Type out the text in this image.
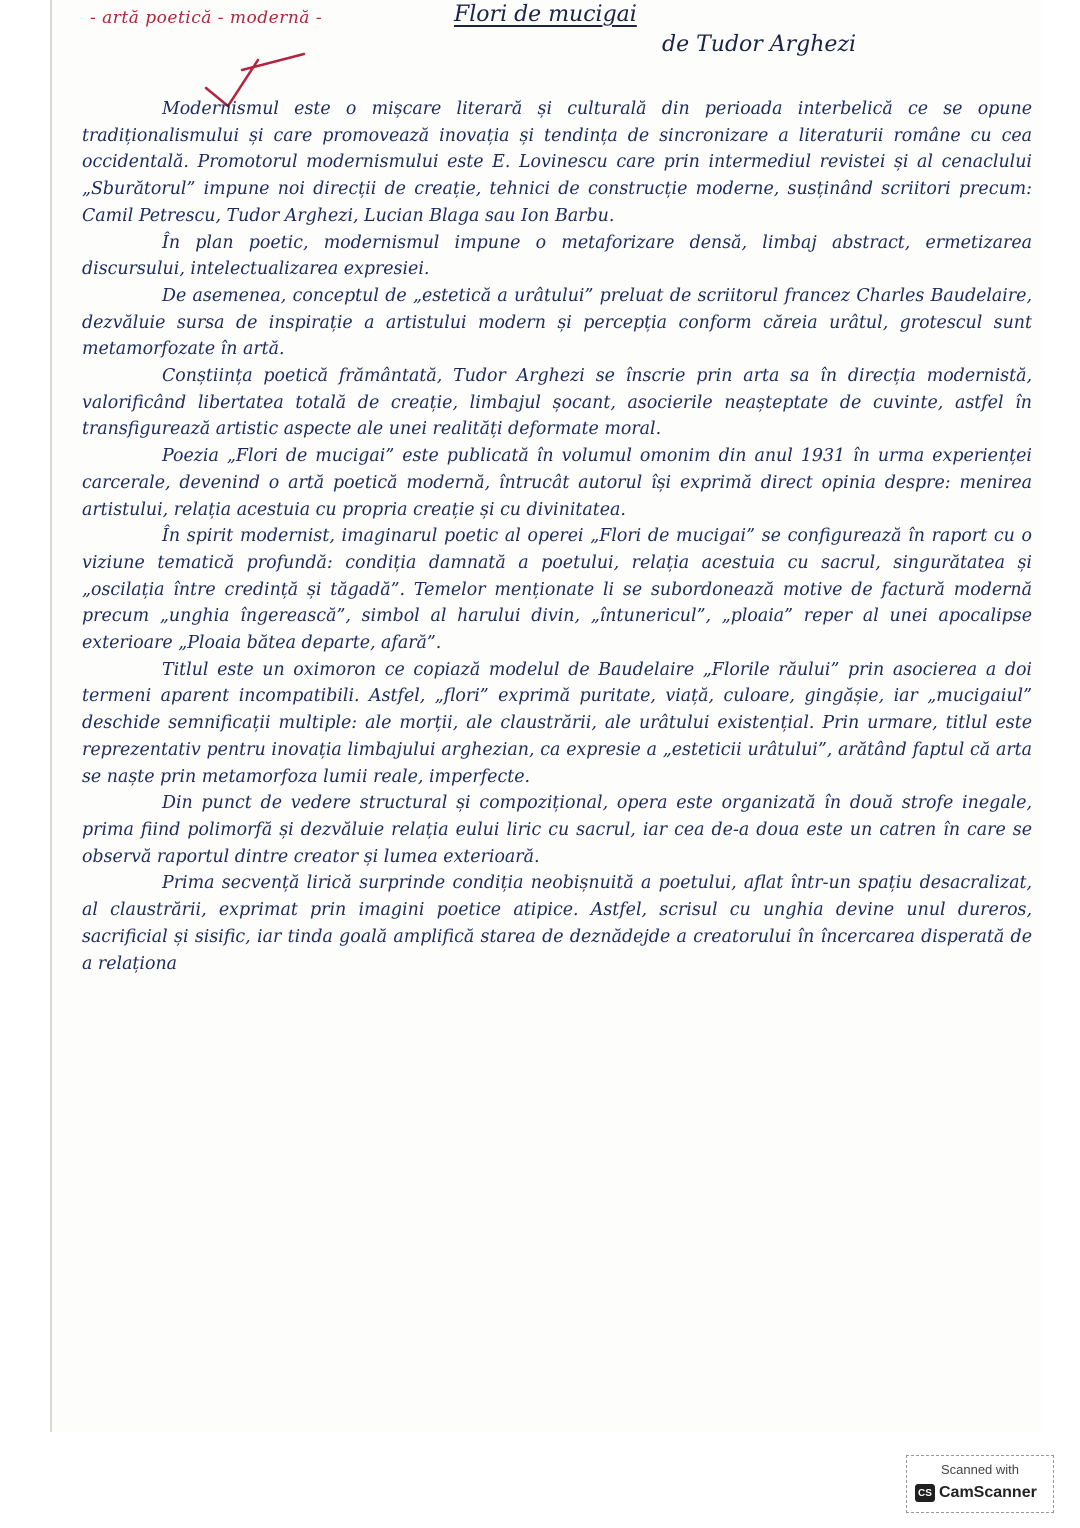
- artă poetică - modernă -	Flori de mucigai
de Tudor Arghezi

Modernismul este o mișcare literară și culturală din perioada interbelică ce se opune tradiționalismului și care promovează inovația și tendința de sincronizare a literaturii române cu cea occidentală. Promotorul modernismului este E. Lovinescu care prin intermediul revistei și al cenaclului „Sburătorul” impune noi direcții de creație, tehnici de construcție moderne, susținând scriitori precum: Camil Petrescu, Tudor Arghezi, Lucian Blaga sau Ion Barbu.

În plan poetic, modernismul impune o metaforizare densă, limbaj abstract, ermetizarea discursului, intelectualizarea expresiei.

De asemenea, conceptul de „estetică a urâtului” preluat de scriitorul francez Charles Baudelaire, dezvăluie sursa de inspirație a artistului modern și percepția conform căreia urâtul, grotescul sunt metamorfozate în artă.

Conștiința poetică frământată, Tudor Arghezi se înscrie prin arta sa în direcția modernistă, valorificând libertatea totală de creație, limbajul șocant, asocierile neașteptate de cuvinte, astfel în transfigurează artistic aspecte ale unei realități deformate moral.

Poezia „Flori de mucigai” este publicată în volumul omonim din anul 1931 în urma experienței carcerale, devenind o artă poetică modernă, întrucât autorul își exprimă direct opinia despre: menirea artistului, relația acestuia cu propria creație și cu divinitatea.

În spirit modernist, imaginarul poetic al operei „Flori de mucigai” se configurează în raport cu o viziune tematică profundă: condiția damnată a poetului, relația acestuia cu sacrul, singurătatea și „oscilația între credință și tăgadă”. Temelor menționate li se subordonează motive de factură modernă precum „unghia îngerească”, simbol al harului divin, „întunericul”, „ploaia” reper al unei apocalipse exterioare „Ploaia bătea departe, afară”.

Titlul este un oximoron ce copiază modelul de Baudelaire „Florile răului” prin asocierea a doi termeni aparent incompatibili. Astfel, „flori” exprimă puritate, viață, culoare, gingășie, iar „mucigaiul” deschide semnificații multiple: ale morții, ale claustrării, ale urâtului existențial. Prin urmare, titlul este reprezentativ pentru inovația limbajului arghezian, ca expresie a „esteticii urâtului”, arătând faptul că arta se naște prin metamorfoza lumii reale, imperfecte.

Din punct de vedere structural și compozițional, opera este organizată în două strofe inegale, prima fiind polimorfă și dezvăluie relația eului liric cu sacrul, iar cea de-a doua este un catren în care se observă raportul dintre creator și lumea exterioară.

Prima secvență lirică surprinde condiția neobișnuită a poetului, aflat într-un spațiu desacralizat, al claustrării, exprimat prin imagini poetice atipice. Astfel, scrisul cu unghia devine unul dureros, sacrificial și sisific, iar tinda goală amplifică starea de deznădejde a creatorului în încercarea disperată de a relaționa

Scanned with
CS CamScanner
